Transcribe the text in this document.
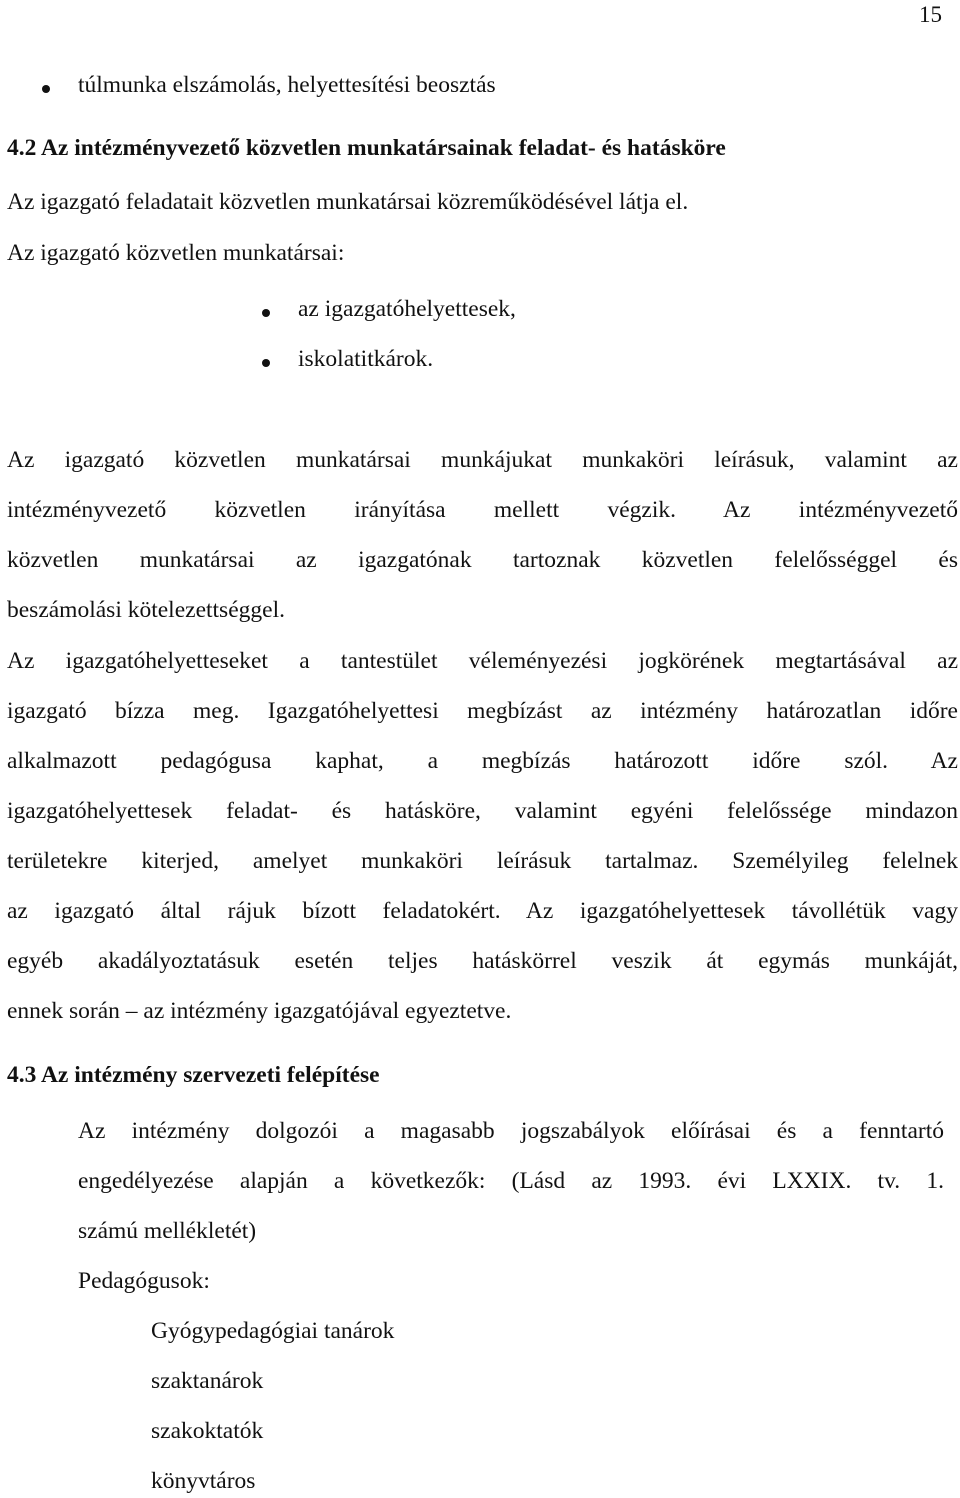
15
túlmunka elszámolás, helyettesítési beosztás
4.2 Az intézményvezető közvetlen munkatársainak feladat- és hatásköre
Az igazgató feladatait közvetlen munkatársai közreműködésével látja el.
Az igazgató közvetlen munkatársai:
az igazgatóhelyettesek,
iskolatitkárok.
Az igazgató közvetlen munkatársai munkájukat munkaköri leírásuk, valamint az
intézményvezető közvetlen irányítása mellett végzik. Az intézményvezető
közvetlen munkatársai az igazgatónak tartoznak közvetlen felelősséggel és
beszámolási kötelezettséggel.
Az igazgatóhelyetteseket a tantestület véleményezési jogkörének megtartásával az
igazgató bízza meg. Igazgatóhelyettesi megbízást az intézmény határozatlan időre
alkalmazott pedagógusa kaphat, a megbízás határozott időre szól. Az
igazgatóhelyettesek feladat- és hatásköre, valamint egyéni felelőssége mindazon
területekre kiterjed, amelyet munkaköri leírásuk tartalmaz. Személyileg felelnek
az igazgató által rájuk bízott feladatokért. Az igazgatóhelyettesek távollétük vagy
egyéb akadályoztatásuk esetén teljes hatáskörrel veszik át egymás munkáját,
ennek során – az intézmény igazgatójával egyeztetve.
4.3 Az intézmény szervezeti felépítése
Az intézmény dolgozói a magasabb jogszabályok előírásai és a fenntartó
engedélyezése alapján a következők: (Lásd az 1993. évi LXXIX. tv. 1.
számú mellékletét)
Pedagógusok:
Gyógypedagógiai tanárok
szaktanárok
szakoktatók
könyvtáros
